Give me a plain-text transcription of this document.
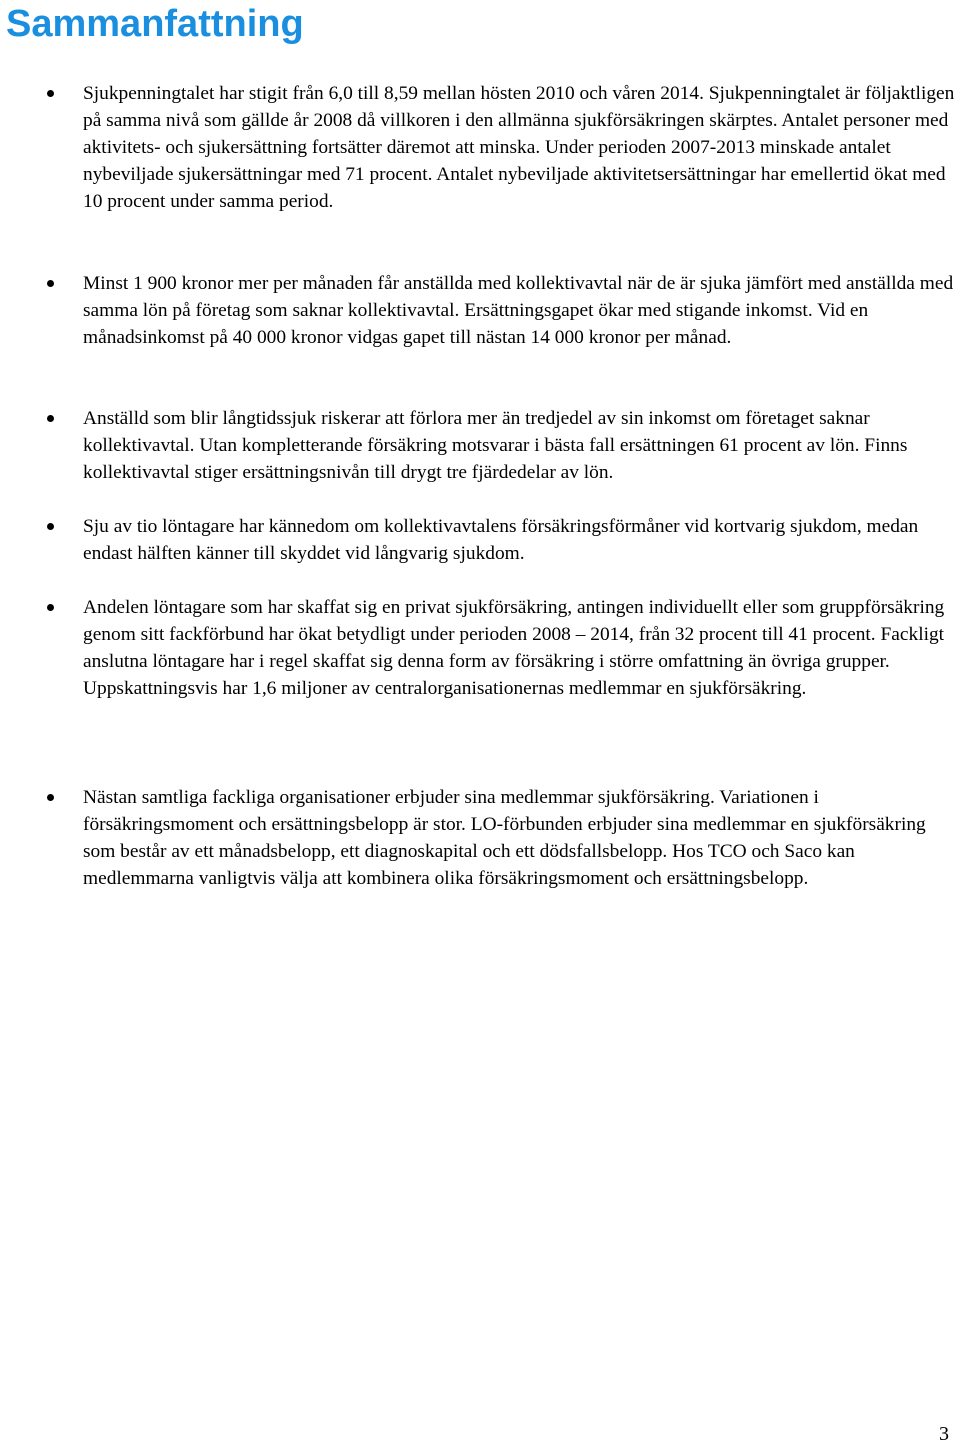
Sammanfattning

Sjukpenningtalet har stigit från 6,0 till 8,59 mellan hösten 2010 och våren 2014. Sjukpenningtalet är följaktligen på samma nivå som gällde år 2008 då villkoren i den allmänna sjukförsäkringen skärptes. Antalet personer med aktivitets- och sjukersättning fortsätter däremot att minska. Under perioden 2007-2013 minskade antalet nybeviljade sjukersättningar med 71 procent. Antalet nybeviljade aktivitetsersättningar har emellertid ökat med 10 procent under samma period.

Minst 1 900 kronor mer per månaden får anställda med kollektivavtal när de är sjuka jämfört med anställda med samma lön på företag som saknar kollektivavtal. Ersättningsgapet ökar med stigande inkomst. Vid en månadsinkomst på 40 000 kronor vidgas gapet till nästan 14 000 kronor per månad.

Anställd som blir långtidssjuk riskerar att förlora mer än tredjedel av sin inkomst om företaget saknar kollektivavtal. Utan kompletterande försäkring motsvarar i bästa fall ersättningen 61 procent av lön. Finns kollektivavtal stiger ersättningsnivån till drygt tre fjärdedelar av lön.

Sju av tio löntagare har kännedom om kollektivavtalens försäkringsförmåner vid kortvarig sjukdom, medan endast hälften känner till skyddet vid långvarig sjukdom.

Andelen löntagare som har skaffat sig en privat sjukförsäkring, antingen individuellt eller som gruppförsäkring genom sitt fackförbund har ökat betydligt under perioden 2008 – 2014, från 32 procent till 41 procent. Fackligt anslutna löntagare har i regel skaffat sig denna form av försäkring i större omfattning än övriga grupper. Uppskattningsvis har 1,6 miljoner av centralorganisationernas medlemmar en sjukförsäkring.

Nästan samtliga fackliga organisationer erbjuder sina medlemmar sjukförsäkring. Variationen i försäkringsmoment och ersättningsbelopp är stor. LO-förbunden erbjuder sina medlemmar en sjukförsäkring som består av ett månadsbelopp, ett diagnoskapital och ett dödsfallsbelopp. Hos TCO och Saco kan medlemmarna vanligtvis välja att kombinera olika försäkringsmoment och ersättningsbelopp.

3
